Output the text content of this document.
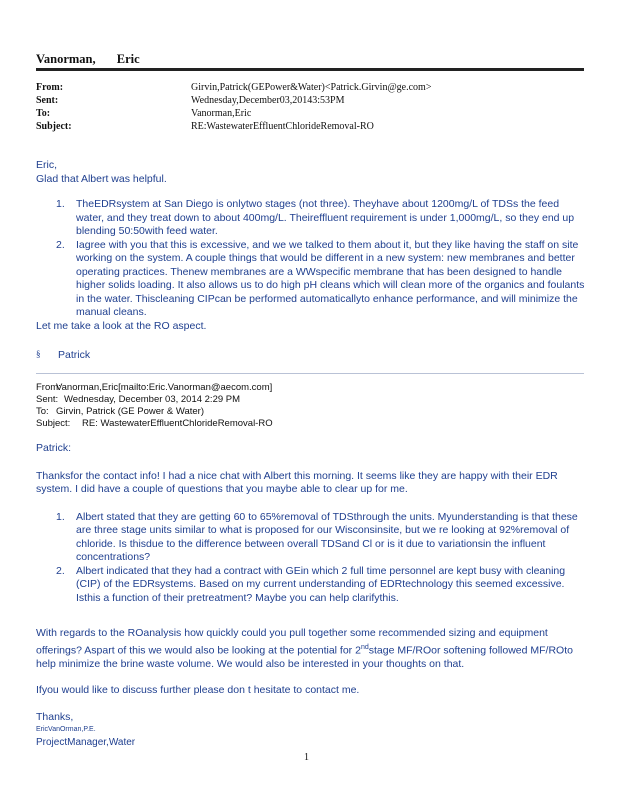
Vanorman, Eric
From:	Girvin,Patrick(GEPower&Water)<Patrick.Girvin@ge.com>
Sent:	Wednesday,December03,20143:53PM
To:	Vanorman,Eric
Subject:	RE:WastewaterEffluentChlorideRemoval-RO
Eric,
Glad that Albert was helpful.
1. TheEDRsystem at San Diego is onlytwo stages (not three). Theyhave about 1200mg/L of TDSs the feed water, and they treat down to about 400mg/L. Theireffluent requirement is under 1,000mg/L, so they end up blending 50:50with feed water.
2. Iagree with you that this is excessive, and we we talked to them about it, but they like having the staff on site working on the system. A couple things that would be different in a new system: new membranes and better operating practices. Thenew membranes are a WWspecific membrane that has been designed to handle higher solids loading. It also allows us to do high pH cleans which will clean more of the organics and foulants in the water. Thiscleaning CIPcan be performed automaticallyto enhance performance, and will minimize the manual cleans.
Let me take a look at the RO aspect.
§ Patrick
From:
Vanorman,Eric[mailto:Eric.Vanorman@aecom.com]
Sent: Wednesday, December 03, 2014 2:29 PM
To: Girvin, Patrick (GE Power & Water)
Subject: RE: WastewaterEffluentChlorideRemoval-RO
Patrick:
Thanksfor the contact info! I had a nice chat with Albert this morning. It seems like they are happy with their EDR system. I did have a couple of questions that you maybe able to clear up for me.
1. Albert stated that they are getting 60 to 65%removal of TDSthrough the units. Myunderstanding is that these are three stage units similar to what is proposed for our Wisconsinsite, but we re looking at 92%removal of chloride. Is thisdue to the difference between overall TDSand Cl or is it due to variationsin the influent concentrations?
2. Albert indicated that they had a contract with GEin which 2 full time personnel are kept busy with cleaning (CIP) of the EDRsystems. Based on my current understanding of EDRtechnology this seemed excessive. Isthis a function of their pretreatment? Maybe you can help clarifythis.
With regards to the ROanalysis how quickly could you pull together some recommended sizing and equipment offerings? Aspart of this we would also be looking at the potential for 2ndstage MF/ROor softening followed MF/ROto help minimize the brine waste volume. We would also be interested in your thoughts on that.
Ifyou would like to discuss further please don t hesitate to contact me.
Thanks,
EricVanOrman,P.E.
ProjectManager,Water
1
